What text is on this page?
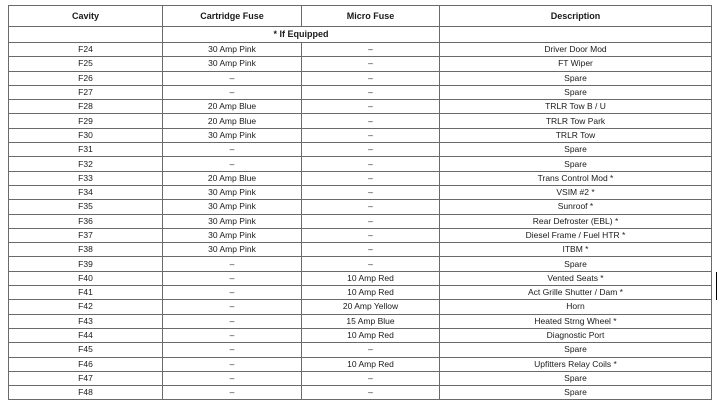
Cavity	Cartridge Fuse	Micro Fuse	Description
	* If Equipped		
F24	30 Amp Pink	–	Driver Door Mod
F25	30 Amp Pink	–	FT Wiper
F26	–	–	Spare
F27	–	–	Spare
F28	20 Amp Blue	–	TRLR Tow B / U
F29	20 Amp Blue	–	TRLR Tow Park
F30	30 Amp Pink	–	TRLR Tow
F31	–	–	Spare
F32	–	–	Spare
F33	20 Amp Blue	–	Trans Control Mod *
F34	30 Amp Pink	–	VSIM #2 *
F35	30 Amp Pink	–	Sunroof *
F36	30 Amp Pink	–	Rear Defroster (EBL) *
F37	30 Amp Pink	–	Diesel Frame / Fuel HTR *
F38	30 Amp Pink	–	ITBM *
F39	–	–	Spare
F40	–	10 Amp Red	Vented Seats *
F41	–	10 Amp Red	Act Grille Shutter / Dam *
F42	–	20 Amp Yellow	Horn
F43	–	15 Amp Blue	Heated Strng Wheel *
F44	–	10 Amp Red	Diagnostic Port
F45	–	–	Spare
F46	–	10 Amp Red	Upfitters Relay Coils *
F47	–	–	Spare
F48	–	–	Spare
